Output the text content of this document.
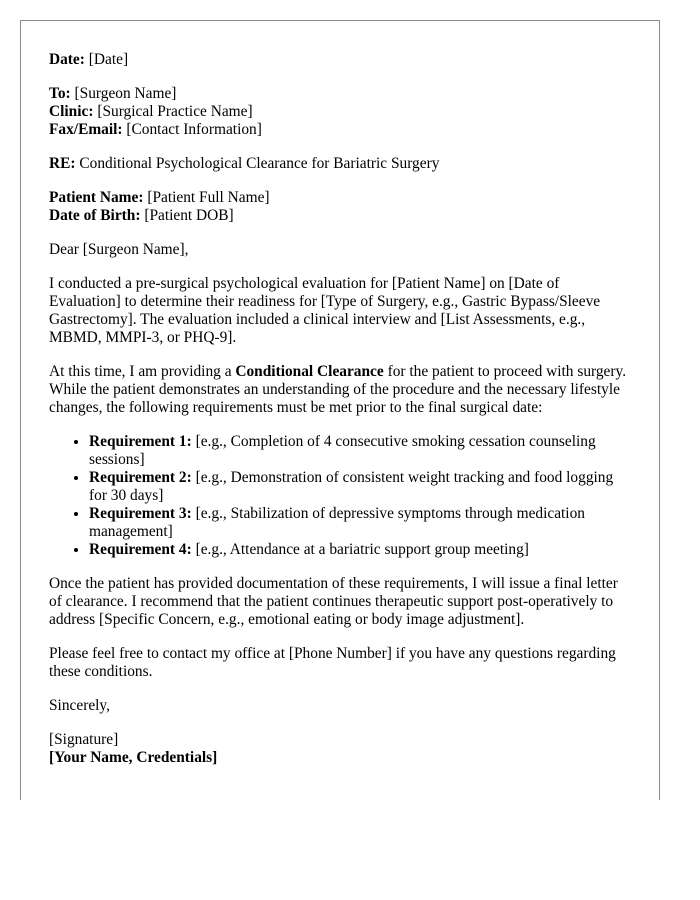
Date: [Date]
To: [Surgeon Name]
Clinic: [Surgical Practice Name]
Fax/Email: [Contact Information]
RE: Conditional Psychological Clearance for Bariatric Surgery
Patient Name: [Patient Full Name]
Date of Birth: [Patient DOB]

Dear [Surgeon Name],

I conducted a pre-surgical psychological evaluation for [Patient Name] on [Date of Evaluation] to determine their readiness for [Type of Surgery, e.g., Gastric Bypass/Sleeve Gastrectomy]. The evaluation included a clinical interview and [List Assessments, e.g., MBMD, MMPI-3, or PHQ-9].

At this time, I am providing a Conditional Clearance for the patient to proceed with surgery. While the patient demonstrates an understanding of the procedure and the necessary lifestyle changes, the following requirements must be met prior to the final surgical date:

• Requirement 1: [e.g., Completion of 4 consecutive smoking cessation counseling sessions]
• Requirement 2: [e.g., Demonstration of consistent weight tracking and food logging for 30 days]
• Requirement 3: [e.g., Stabilization of depressive symptoms through medication management]
• Requirement 4: [e.g., Attendance at a bariatric support group meeting]

Once the patient has provided documentation of these requirements, I will issue a final letter of clearance. I recommend that the patient continues therapeutic support post-operatively to address [Specific Concern, e.g., emotional eating or body image adjustment].

Please feel free to contact my office at [Phone Number] if you have any questions regarding these conditions.

Sincerely,

[Signature]

[Your Name, Credentials]
